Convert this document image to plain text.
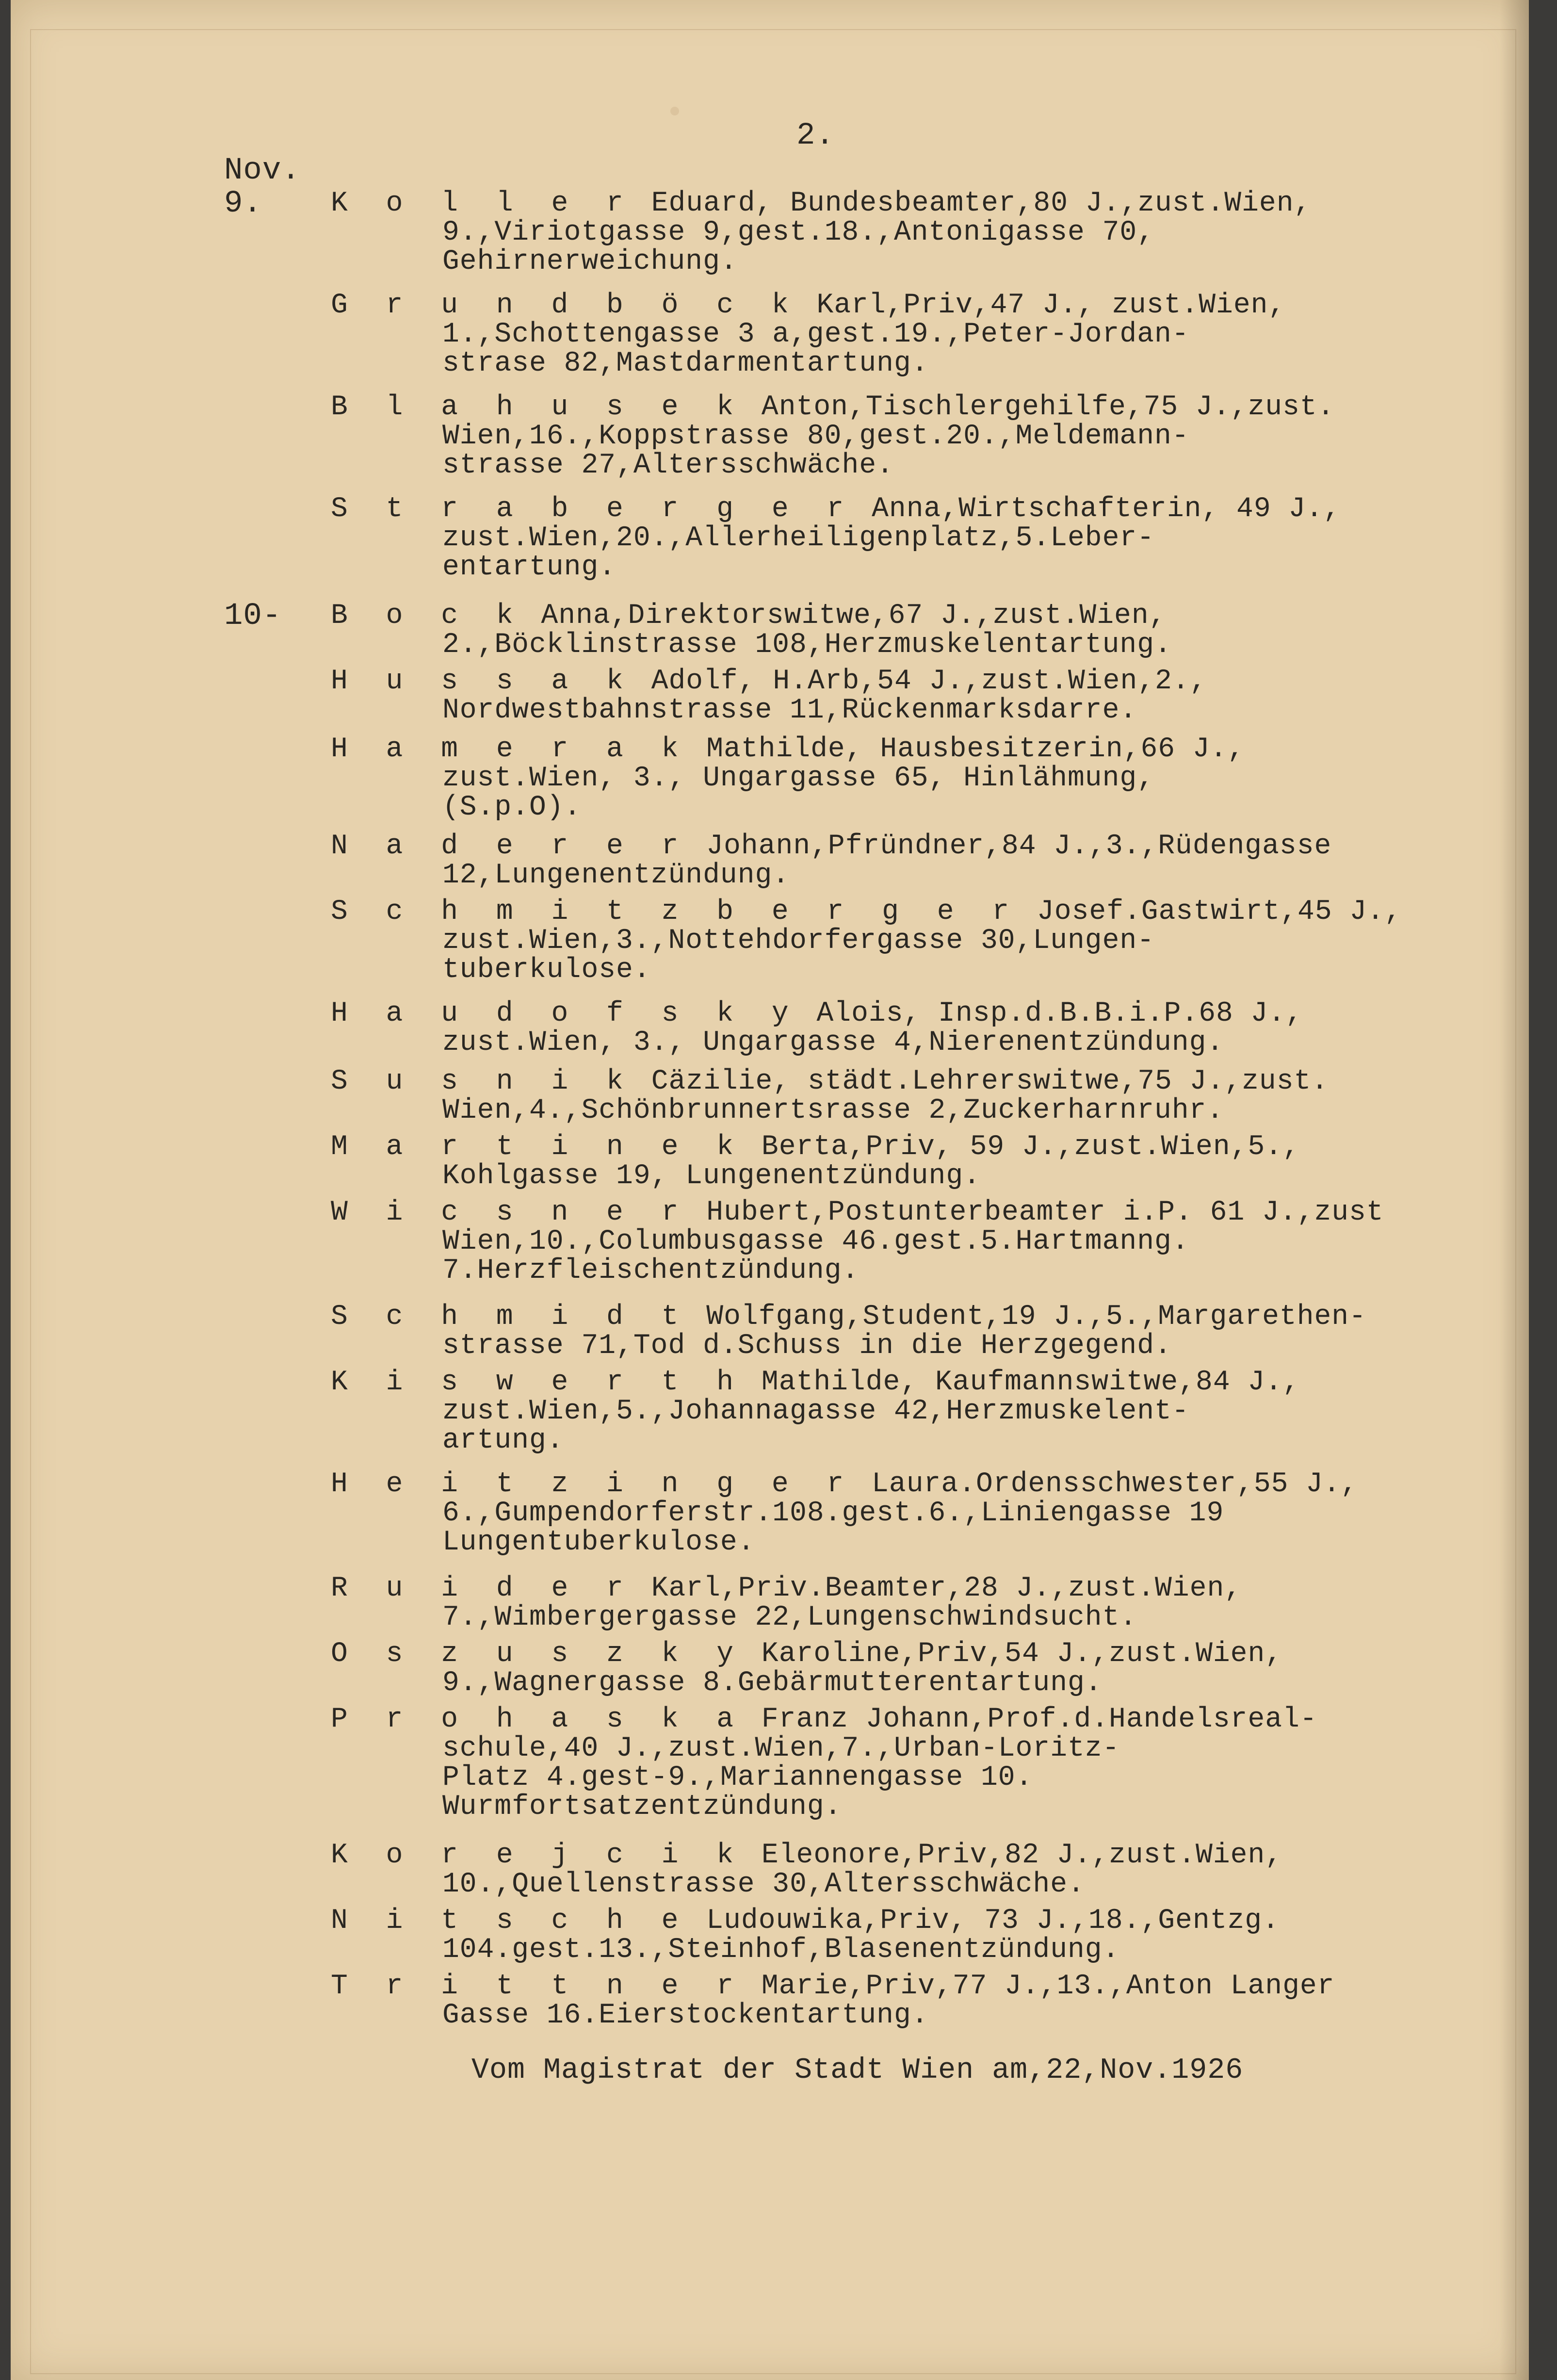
2.
Nov.
9. K o l l e r Eduard, Bundesbeamter,80 J.,zust.Wien,
9.,Viriotgasse 9,gest.18.,Antonigasse 70,
Gehirnerweichung.
G r u n d b ö c k Karl,Priv,47 J., zust.Wien,
1.,Schottengasse 3 a,gest.19.,Peter-Jordan-
strase 82,Mastdarmentartung.
B l a h u s e k Anton,Tischlergehilfe,75 J.,zust.
Wien,16.,Koppstrasse 80,gest.20.,Meldemann-
strasse 27,Altersschwäche.
S t r a b e r g e r Anna,Wirtschafterin, 49 J.,
zust.Wien,20.,Allerheiligenplatz,5.Leber-
entartung.
10- B o c k Anna,Direktorswitwe,67 J.,zust.Wien,
2.,Böcklinstrasse 108,Herzmuskelentartung.
H u s s a k Adolf, H.Arb,54 J.,zust.Wien,2.,
Nordwestbahnstrasse 11,Rückenmarksdarre.
H a m e r a k Mathilde, Hausbesitzerin,66 J.,
zust.Wien, 3., Ungargasse 65, Hinlähmung,
(S.p.O).
N a d e r e r Johann,Pfründner,84 J.,3.,Rüdengasse
12,Lungenentzündung.
S c h m i t z b e r g e r Josef.Gastwirt,45 J.,
zust.Wien,3.,Nottehdorfergasse 30,Lungen-
tuberkulose.
H a u d o f s k y Alois, Insp.d.B.B.i.P.68 J.,
zust.Wien, 3., Ungargasse 4,Nierenentzündung.
S u s n i k Cäzilie, städt.Lehrerswitwe,75 J.,zust.
Wien,4.,Schönbrunnertsrasse 2,Zuckerharnruhr.
M a r t i n e k Berta,Priv, 59 J.,zust.Wien,5.,
Kohlgasse 19, Lungenentzündung.
W i c s n e r Hubert,Postunterbeamter i.P. 61 J.,zust
Wien,10.,Columbusgasse 46.gest.5.Hartmanng.
7.Herzfleischentzündung.
S c h m i d t Wolfgang,Student,19 J.,5.,Margarethen-
strasse 71,Tod d.Schuss in die Herzgegend.
K i s w e r t h Mathilde, Kaufmannswitwe,84 J.,
zust.Wien,5.,Johannagasse 42,Herzmuskelent-
artung.
H e i t z i n g e r Laura.Ordensschwester,55 J.,
6.,Gumpendorferstr.108.gest.6.,Liniengasse 19
Lungentuberkulose.
R u i d e r Karl,Priv.Beamter,28 J.,zust.Wien,
7.,Wimbergergasse 22,Lungenschwindsucht.
O s z u s z k y Karoline,Priv,54 J.,zust.Wien,
9.,Wagnergasse 8.Gebärmutterentartung.
P r o h a s k a Franz Johann,Prof.d.Handelsreal-
schule,40 J.,zust.Wien,7.,Urban-Loritz-
Platz 4.gest-9.,Mariannengasse 10.
Wurmfortsatzentzündung.
K o r e j c i k Eleonore,Priv,82 J.,zust.Wien,
10.,Quellenstrasse 30,Altersschwäche.
N i t s c h e Ludouwika,Priv, 73 J.,18.,Gentzg.
104.gest.13.,Steinhof,Blasenentzündung.
T r i t t n e r Marie,Priv,77 J.,13.,Anton Langer
Gasse 16.Eierstockentartung.
Vom Magistrat der Stadt Wien am,22,Nov.1926
